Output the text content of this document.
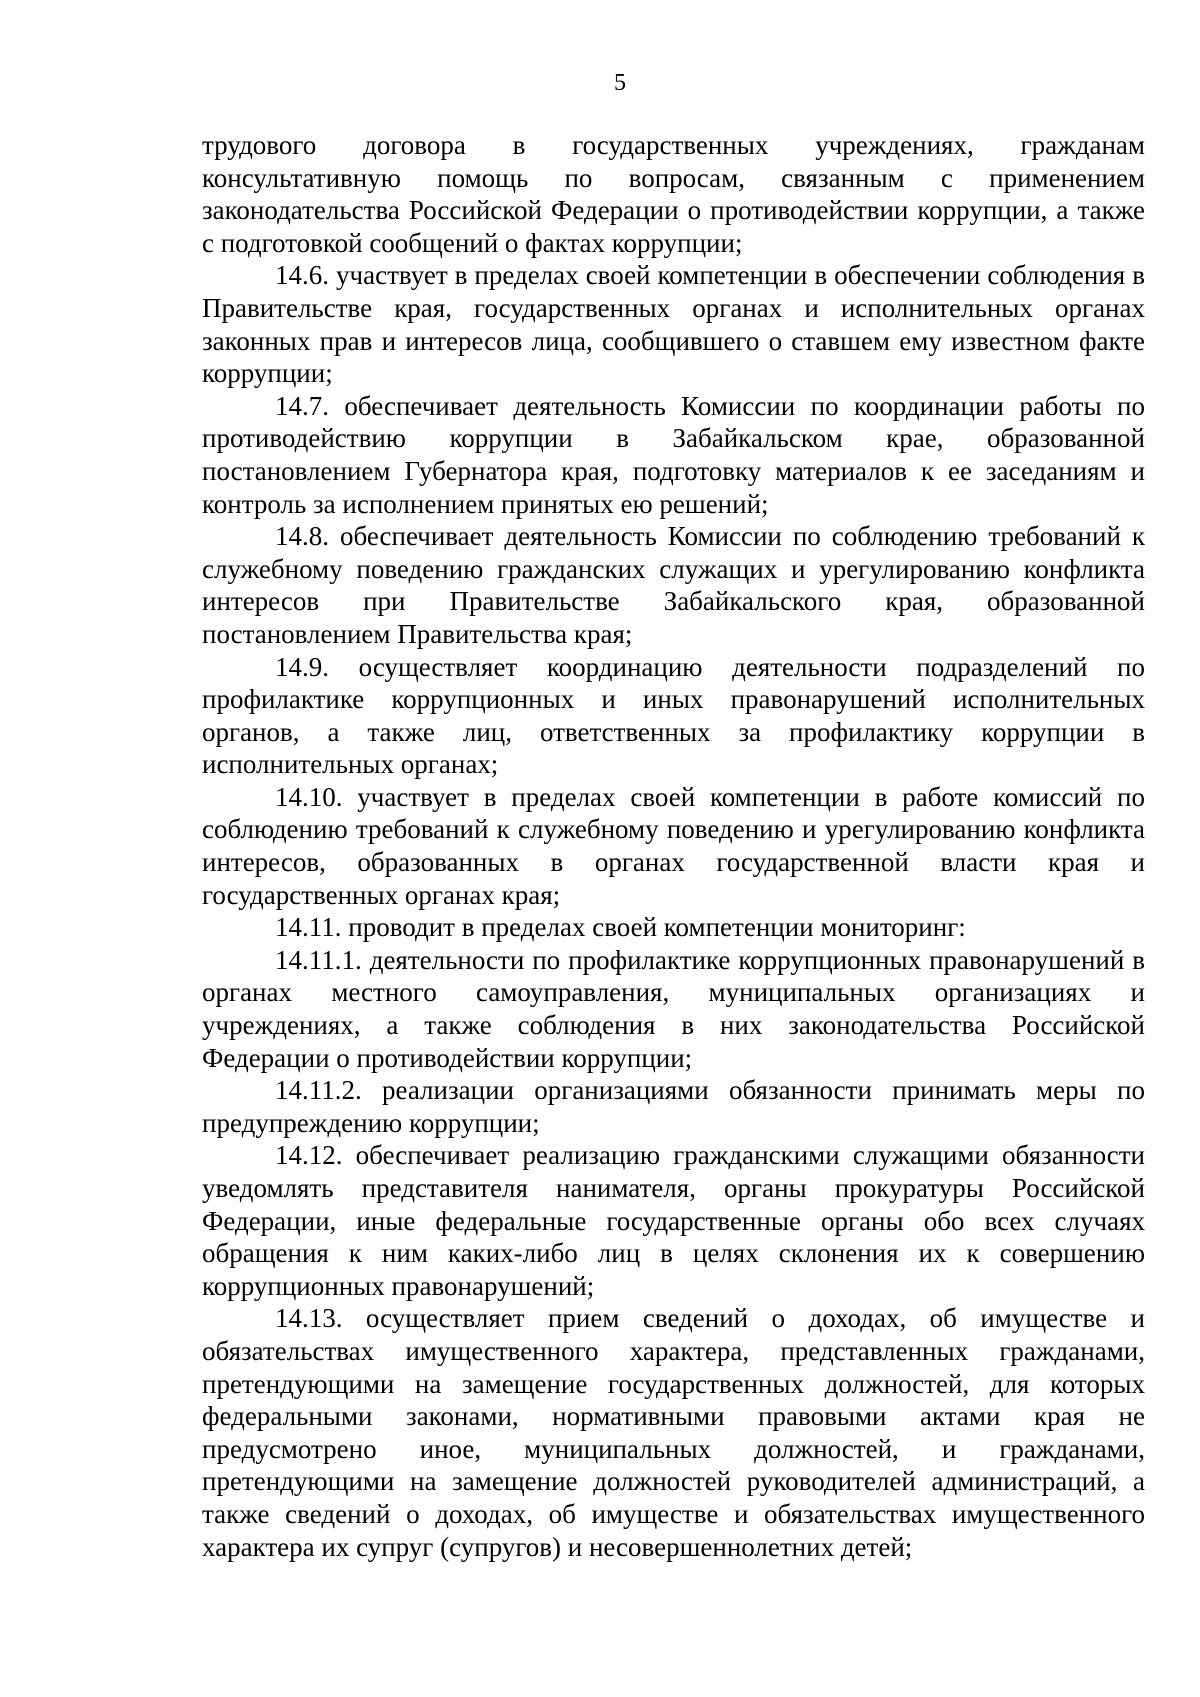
5

трудового договора в государственных учреждениях, гражданам консультативную помощь по вопросам, связанным с применением законодательства Российской Федерации о противодействии коррупции, а также с подготовкой сообщений о фактах коррупции;

14.6. участвует в пределах своей компетенции в обеспечении соблюдения в Правительстве края, государственных органах и исполнительных органах законных прав и интересов лица, сообщившего о ставшем ему известном факте коррупции;

14.7. обеспечивает деятельность Комиссии по координации работы по противодействию коррупции в Забайкальском крае, образованной постановлением Губернатора края, подготовку материалов к ее заседаниям и контроль за исполнением принятых ею решений;

14.8. обеспечивает деятельность Комиссии по соблюдению требований к служебному поведению гражданских служащих и урегулированию конфликта интересов при Правительстве Забайкальского края, образованной постановлением Правительства края;

14.9. осуществляет координацию деятельности подразделений по профилактике коррупционных и иных правонарушений исполнительных органов, а также лиц, ответственных за профилактику коррупции в исполнительных органах;

14.10. участвует в пределах своей компетенции в работе комиссий по соблюдению требований к служебному поведению и урегулированию конфликта интересов, образованных в органах государственной власти края и государственных органах края;

14.11. проводит в пределах своей компетенции мониторинг:

14.11.1. деятельности по профилактике коррупционных правонарушений в органах местного самоуправления, муниципальных организациях и учреждениях, а также соблюдения в них законодательства Российской Федерации о противодействии коррупции;

14.11.2. реализации организациями обязанности принимать меры по предупреждению коррупции;

14.12. обеспечивает реализацию гражданскими служащими обязанности уведомлять представителя нанимателя, органы прокуратуры Российской Федерации, иные федеральные государственные органы обо всех случаях обращения к ним каких-либо лиц в целях склонения их к совершению коррупционных правонарушений;

14.13. осуществляет прием сведений о доходах, об имуществе и обязательствах имущественного характера, представленных гражданами, претендующими на замещение государственных должностей, для которых федеральными законами, нормативными правовыми актами края не предусмотрено иное, муниципальных должностей, и гражданами, претендующими на замещение должностей руководителей администраций, а также сведений о доходах, об имуществе и обязательствах имущественного характера их супруг (супругов) и несовершеннолетних детей;
